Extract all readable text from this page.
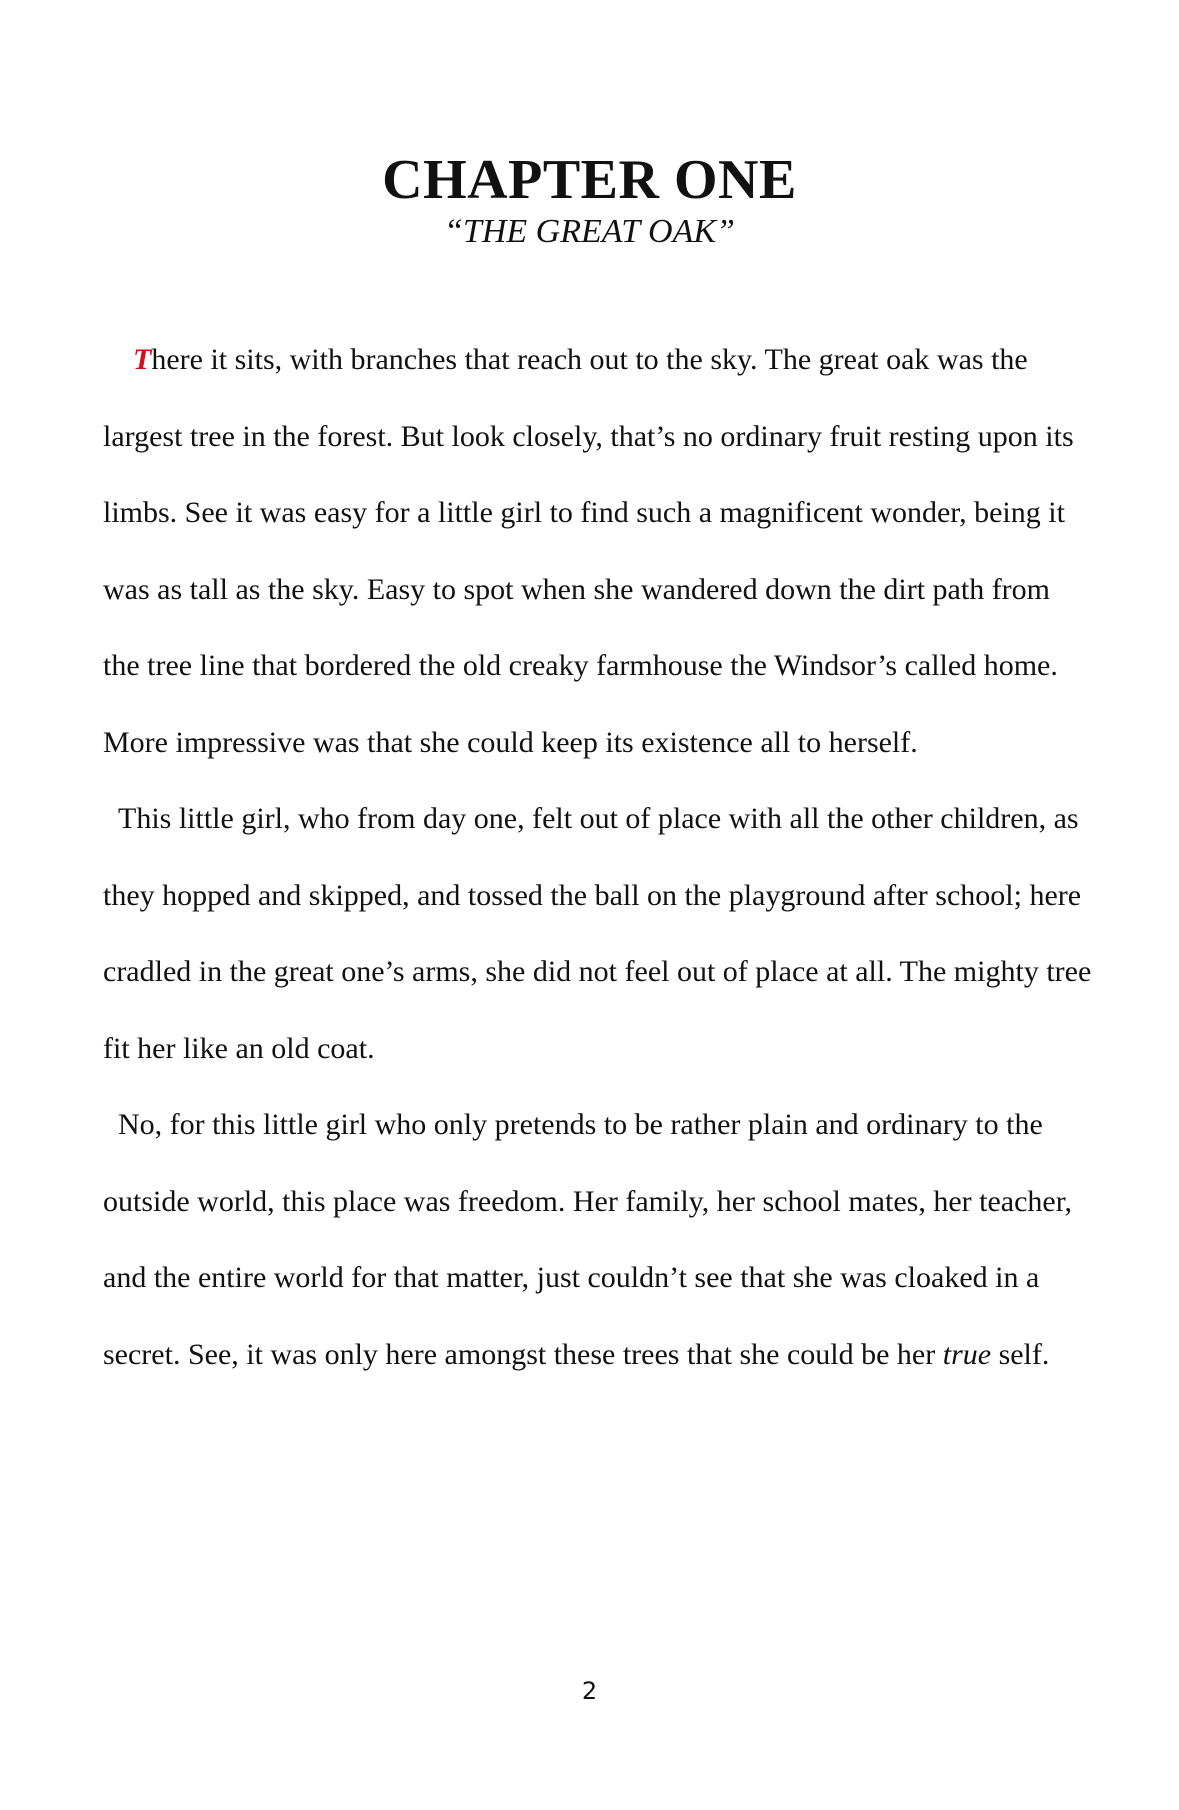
CHAPTER ONE
“THE GREAT OAK”

 There it sits, with branches that reach out to the sky. The great oak was the largest tree in the forest. But look closely, that’s no ordinary fruit resting upon its limbs. See it was easy for a little girl to find such a magnificent wonder, being it was as tall as the sky. Easy to spot when she wandered down the dirt path from the tree line that bordered the old creaky farmhouse the Windsor’s called home. More impressive was that she could keep its existence all to herself.

 This little girl, who from day one, felt out of place with all the other children, as they hopped and skipped, and tossed the ball on the playground after school; here cradled in the great one’s arms, she did not feel out of place at all. The mighty tree fit her like an old coat.

 No, for this little girl who only pretends to be rather plain and ordinary to the outside world, this place was freedom. Her family, her school mates, her teacher, and the entire world for that matter, just couldn’t see that she was cloaked in a secret. See, it was only here amongst these trees that she could be her true self.

2
